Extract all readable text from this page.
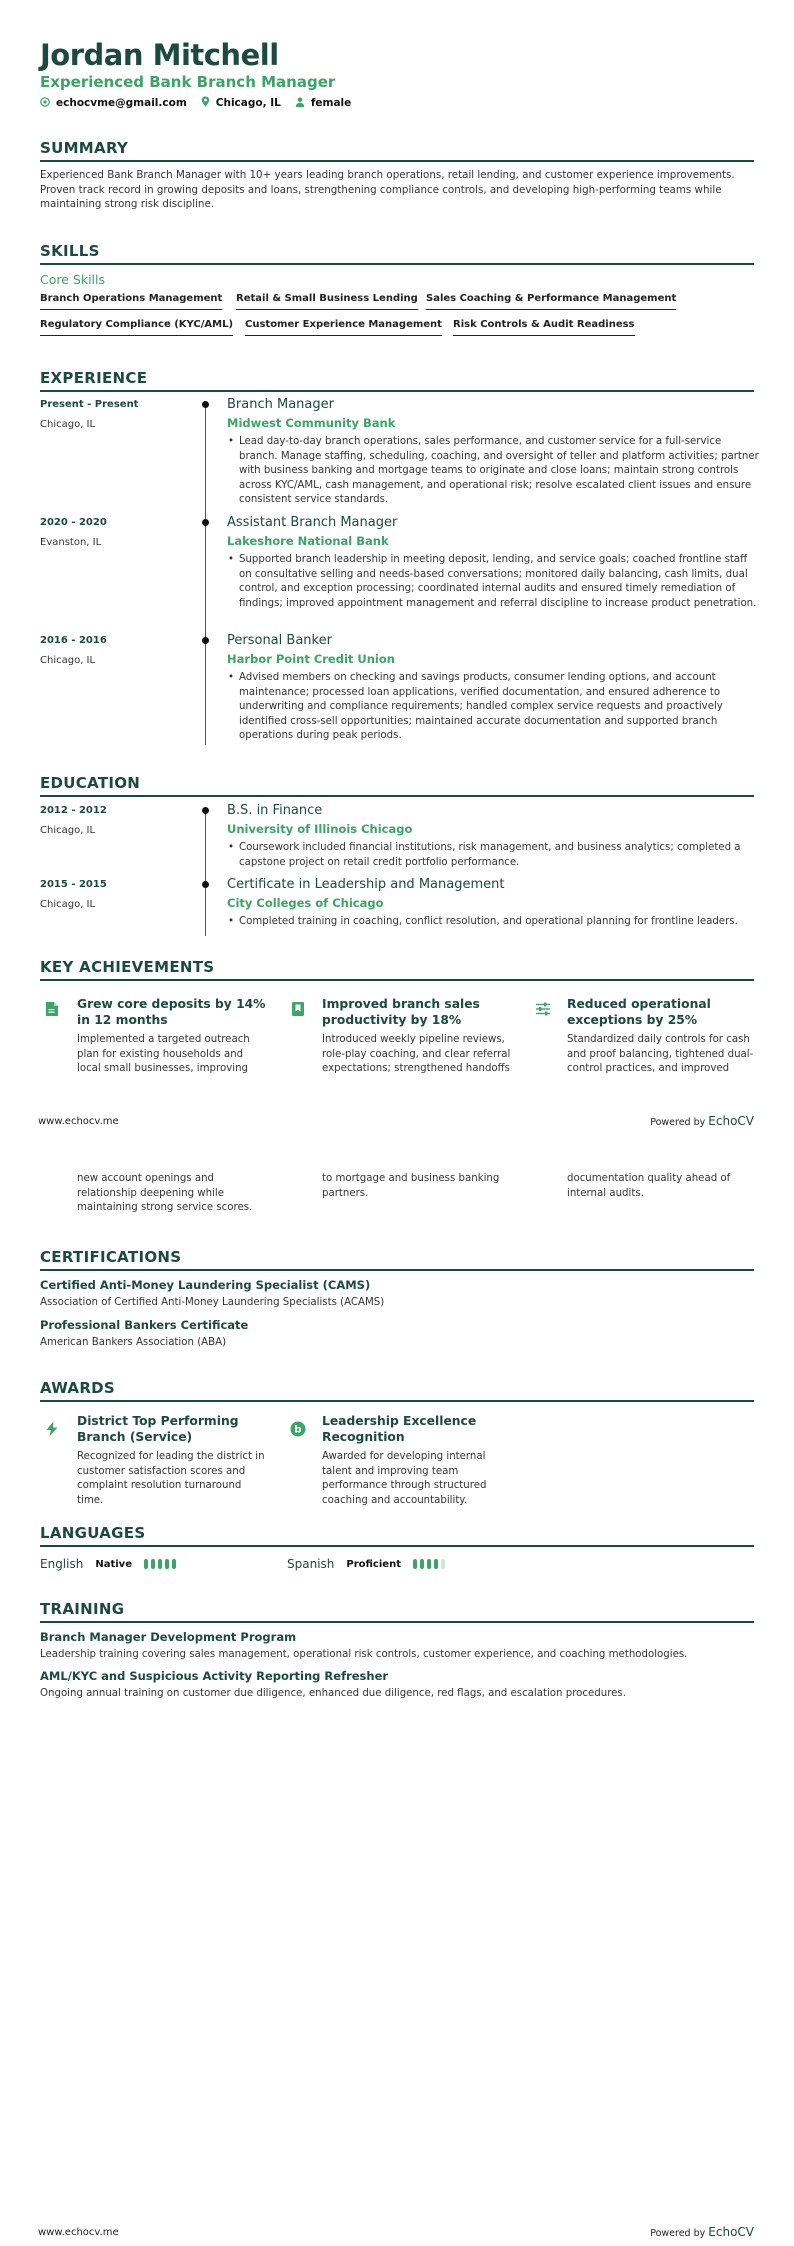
Jordan Mitchell
Experienced Bank Branch Manager
echocvme@gmail.com	Chicago, IL	female
SUMMARY
Experienced Bank Branch Manager with 10+ years leading branch operations, retail lending, and customer experience improvements. Proven track record in growing deposits and loans, strengthening compliance controls, and developing high-performing teams while maintaining strong risk discipline.
SKILLS
Core Skills
Branch Operations Management Retail & Small Business Lending Sales Coaching & Performance Management
Regulatory Compliance (KYC/AML) Customer Experience Management Risk Controls & Audit Readiness
EXPERIENCE
Present - Present
Chicago, IL
Branch Manager
Midwest Community Bank
• Lead day-to-day branch operations, sales performance, and customer service for a full-service branch. Manage staffing, scheduling, coaching, and oversight of teller and platform activities; partner with business banking and mortgage teams to originate and close loans; maintain strong controls across KYC/AML, cash management, and operational risk; resolve escalated client issues and ensure consistent service standards.
2020 - 2020
Evanston, IL
Assistant Branch Manager
Lakeshore National Bank
• Supported branch leadership in meeting deposit, lending, and service goals; coached frontline staff on consultative selling and needs-based conversations; monitored daily balancing, cash limits, dual control, and exception processing; coordinated internal audits and ensured timely remediation of findings; improved appointment management and referral discipline to increase product penetration.
2016 - 2016
Chicago, IL
Personal Banker
Harbor Point Credit Union
• Advised members on checking and savings products, consumer lending options, and account maintenance; processed loan applications, verified documentation, and ensured adherence to underwriting and compliance requirements; handled complex service requests and proactively identified cross-sell opportunities; maintained accurate documentation and supported branch operations during peak periods.
EDUCATION
2012 - 2012
Chicago, IL
B.S. in Finance
University of Illinois Chicago
• Coursework included financial institutions, risk management, and business analytics; completed a capstone project on retail credit portfolio performance.
2015 - 2015
Chicago, IL
Certificate in Leadership and Management
City Colleges of Chicago
• Completed training in coaching, conflict resolution, and operational planning for frontline leaders.
KEY ACHIEVEMENTS
Grew core deposits by 14% in 12 months
Implemented a targeted outreach plan for existing households and local small businesses, improving
Improved branch sales productivity by 18%
Introduced weekly pipeline reviews, role-play coaching, and clear referral expectations; strengthened handoffs
Reduced operational exceptions by 25%
Standardized daily controls for cash and proof balancing, tightened dual-control practices, and improved
www.echocv.me	Powered by EchoCV
new account openings and relationship deepening while maintaining strong service scores.
to mortgage and business banking partners.
documentation quality ahead of internal audits.
CERTIFICATIONS
Certified Anti-Money Laundering Specialist (CAMS)
Association of Certified Anti-Money Laundering Specialists (ACAMS)
Professional Bankers Certificate
American Bankers Association (ABA)
AWARDS
District Top Performing Branch (Service)
Recognized for leading the district in customer satisfaction scores and complaint resolution turnaround time.
b
Leadership Excellence Recognition
Awarded for developing internal talent and improving team performance through structured coaching and accountability.
LANGUAGES
English Native	Spanish Proficient
TRAINING
Branch Manager Development Program
Leadership training covering sales management, operational risk controls, customer experience, and coaching methodologies.
AML/KYC and Suspicious Activity Reporting Refresher
Ongoing annual training on customer due diligence, enhanced due diligence, red flags, and escalation procedures.
www.echocv.me	Powered by EchoCV
